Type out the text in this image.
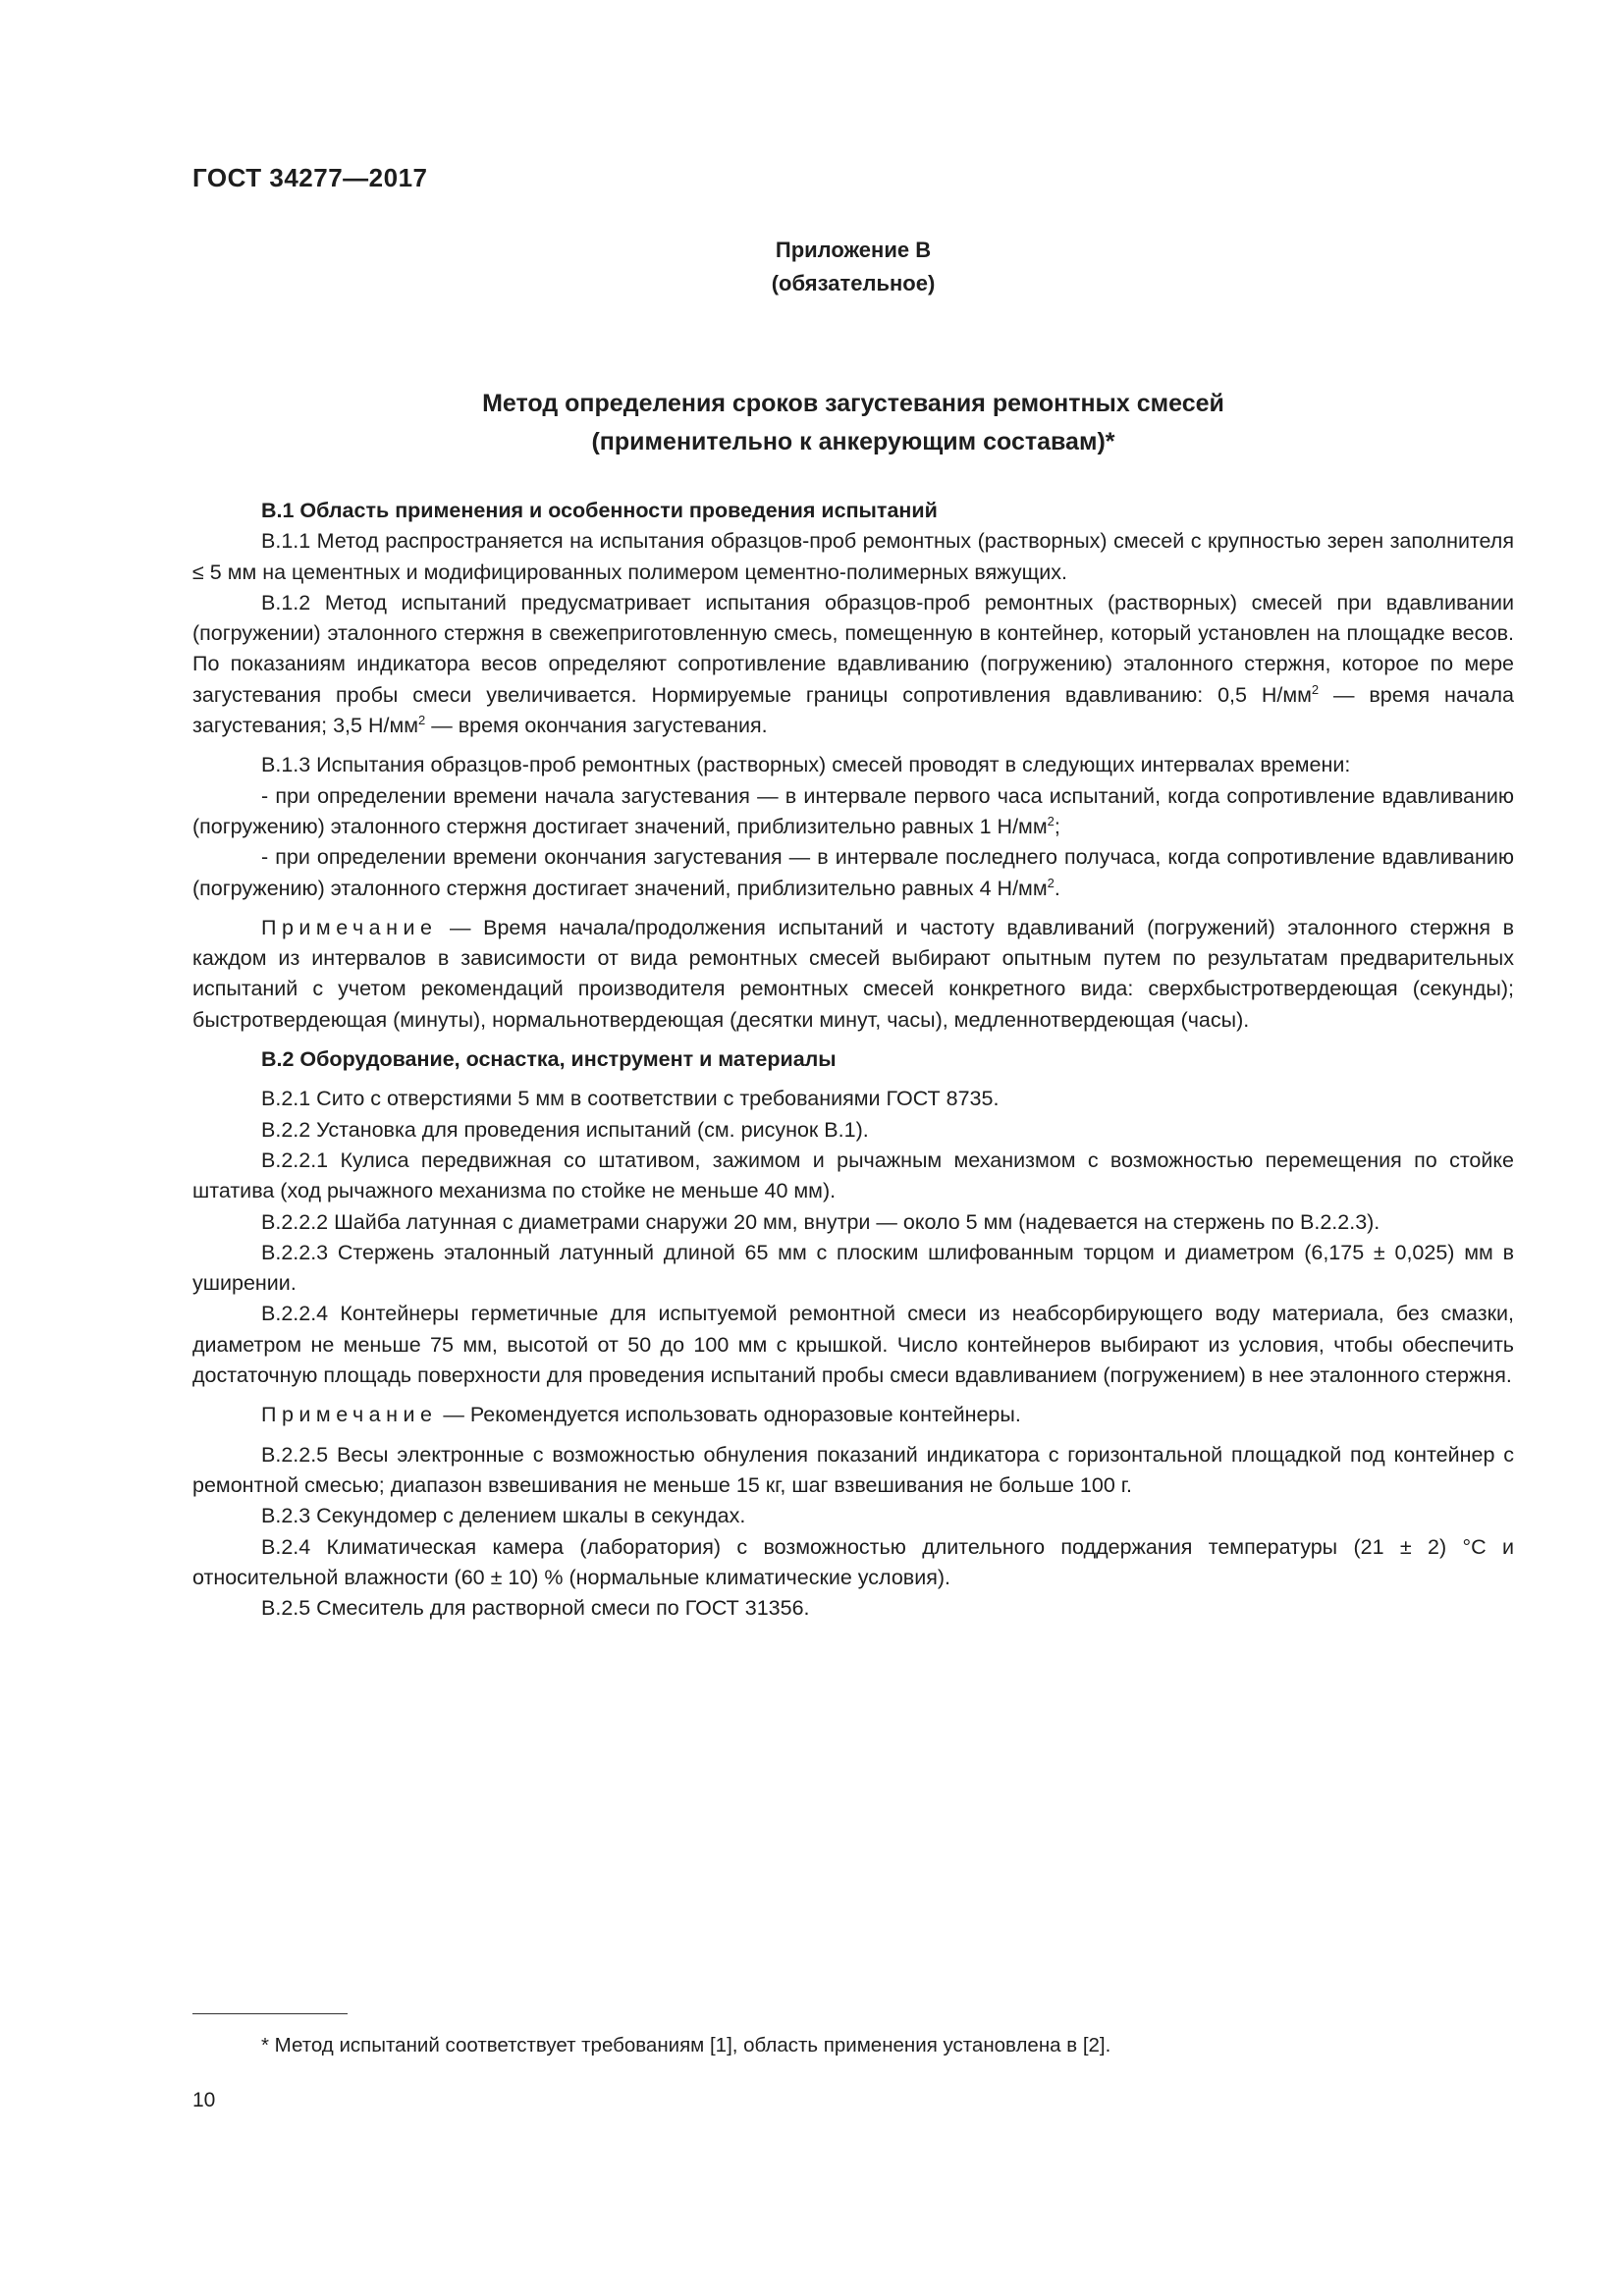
ГОСТ 34277—2017
Приложение В
(обязательное)
Метод определения сроков загустевания ремонтных смесей
(применительно к анкерующим составам)*
В.1 Область применения и особенности проведения испытаний

В.1.1 Метод распространяется на испытания образцов-проб ремонтных (растворных) смесей с крупностью зерен заполнителя ≤ 5 мм на цементных и модифицированных полимером цементно-полимерных вяжущих.

В.1.2 Метод испытаний предусматривает испытания образцов-проб ремонтных (растворных) смесей при вдавливании (погружении) эталонного стержня в свежеприготовленную смесь, помещенную в контейнер, который установлен на площадке весов. По показаниям индикатора весов определяют сопротивление вдавливанию (погружению) эталонного стержня, которое по мере загустевания пробы смеси увеличивается. Нормируемые границы сопротивления вдавливанию: 0,5 $Н/мм^2$ — время начала загустевания; 3,5 $Н/мм^2$ — время окончания загустевания.

В.1.3 Испытания образцов-проб ремонтных (растворных) смесей проводят в следующих интервалах времени:

- при определении времени начала загустевания — в интервале первого часа испытаний, когда сопротивление вдавливанию (погружению) эталонного стержня достигает значений, приблизительно равных 1 $Н/мм^2$;

- при определении времени окончания загустевания — в интервале последнего получаса, когда сопротивление вдавливанию (погружению) эталонного стержня достигает значений, приблизительно равных 4 $Н/мм^2$.

Примечание — Время начала/продолжения испытаний и частоту вдавливаний (погружений) эталонного стержня в каждом из интервалов в зависимости от вида ремонтных смесей выбирают опытным путем по результатам предварительных испытаний с учетом рекомендаций производителя ремонтных смесей конкретного вида: сверхбыстротвердеющая (секунды); быстротвердеющая (минуты), нормальнотвердеющая (десятки минут, часы), медленнотвердеющая (часы).

В.2 Оборудование, оснастка, инструмент и материалы

В.2.1 Сито с отверстиями 5 мм в соответствии с требованиями ГОСТ 8735.

В.2.2 Установка для проведения испытаний (см. рисунок В.1).

В.2.2.1 Кулиса передвижная со штативом, зажимом и рычажным механизмом с возможностью перемещения по стойке штатива (ход рычажного механизма по стойке не меньше 40 мм).

В.2.2.2 Шайба латунная с диаметрами снаружи 20 мм, внутри — около 5 мм (надевается на стержень по В.2.2.3).

В.2.2.3 Стержень эталонный латунный длиной 65 мм с плоским шлифованным торцом и диаметром (6,175 ± 0,025) мм в уширении.

В.2.2.4 Контейнеры герметичные для испытуемой ремонтной смеси из неабсорбирующего воду материала, без смазки, диаметром не меньше 75 мм, высотой от 50 до 100 мм с крышкой. Число контейнеров выбирают из условия, чтобы обеспечить достаточную площадь поверхности для проведения испытаний пробы смеси вдавливанием (погружением) в нее эталонного стержня.

Примечание — Рекомендуется использовать одноразовые контейнеры.

В.2.2.5 Весы электронные с возможностью обнуления показаний индикатора с горизонтальной площадкой под контейнер с ремонтной смесью; диапазон взвешивания не меньше 15 кг, шаг взвешивания не больше 100 г.

В.2.3 Секундомер с делением шкалы в секундах.

В.2.4 Климатическая камера (лаборатория) с возможностью длительного поддержания температуры (21 ± 2) °С и относительной влажности (60 ± 10) % (нормальные климатические условия).

В.2.5 Смеситель для растворной смеси по ГОСТ 31356.

* Метод испытаний соответствует требованиям [1], область применения установлена в [2].
10
